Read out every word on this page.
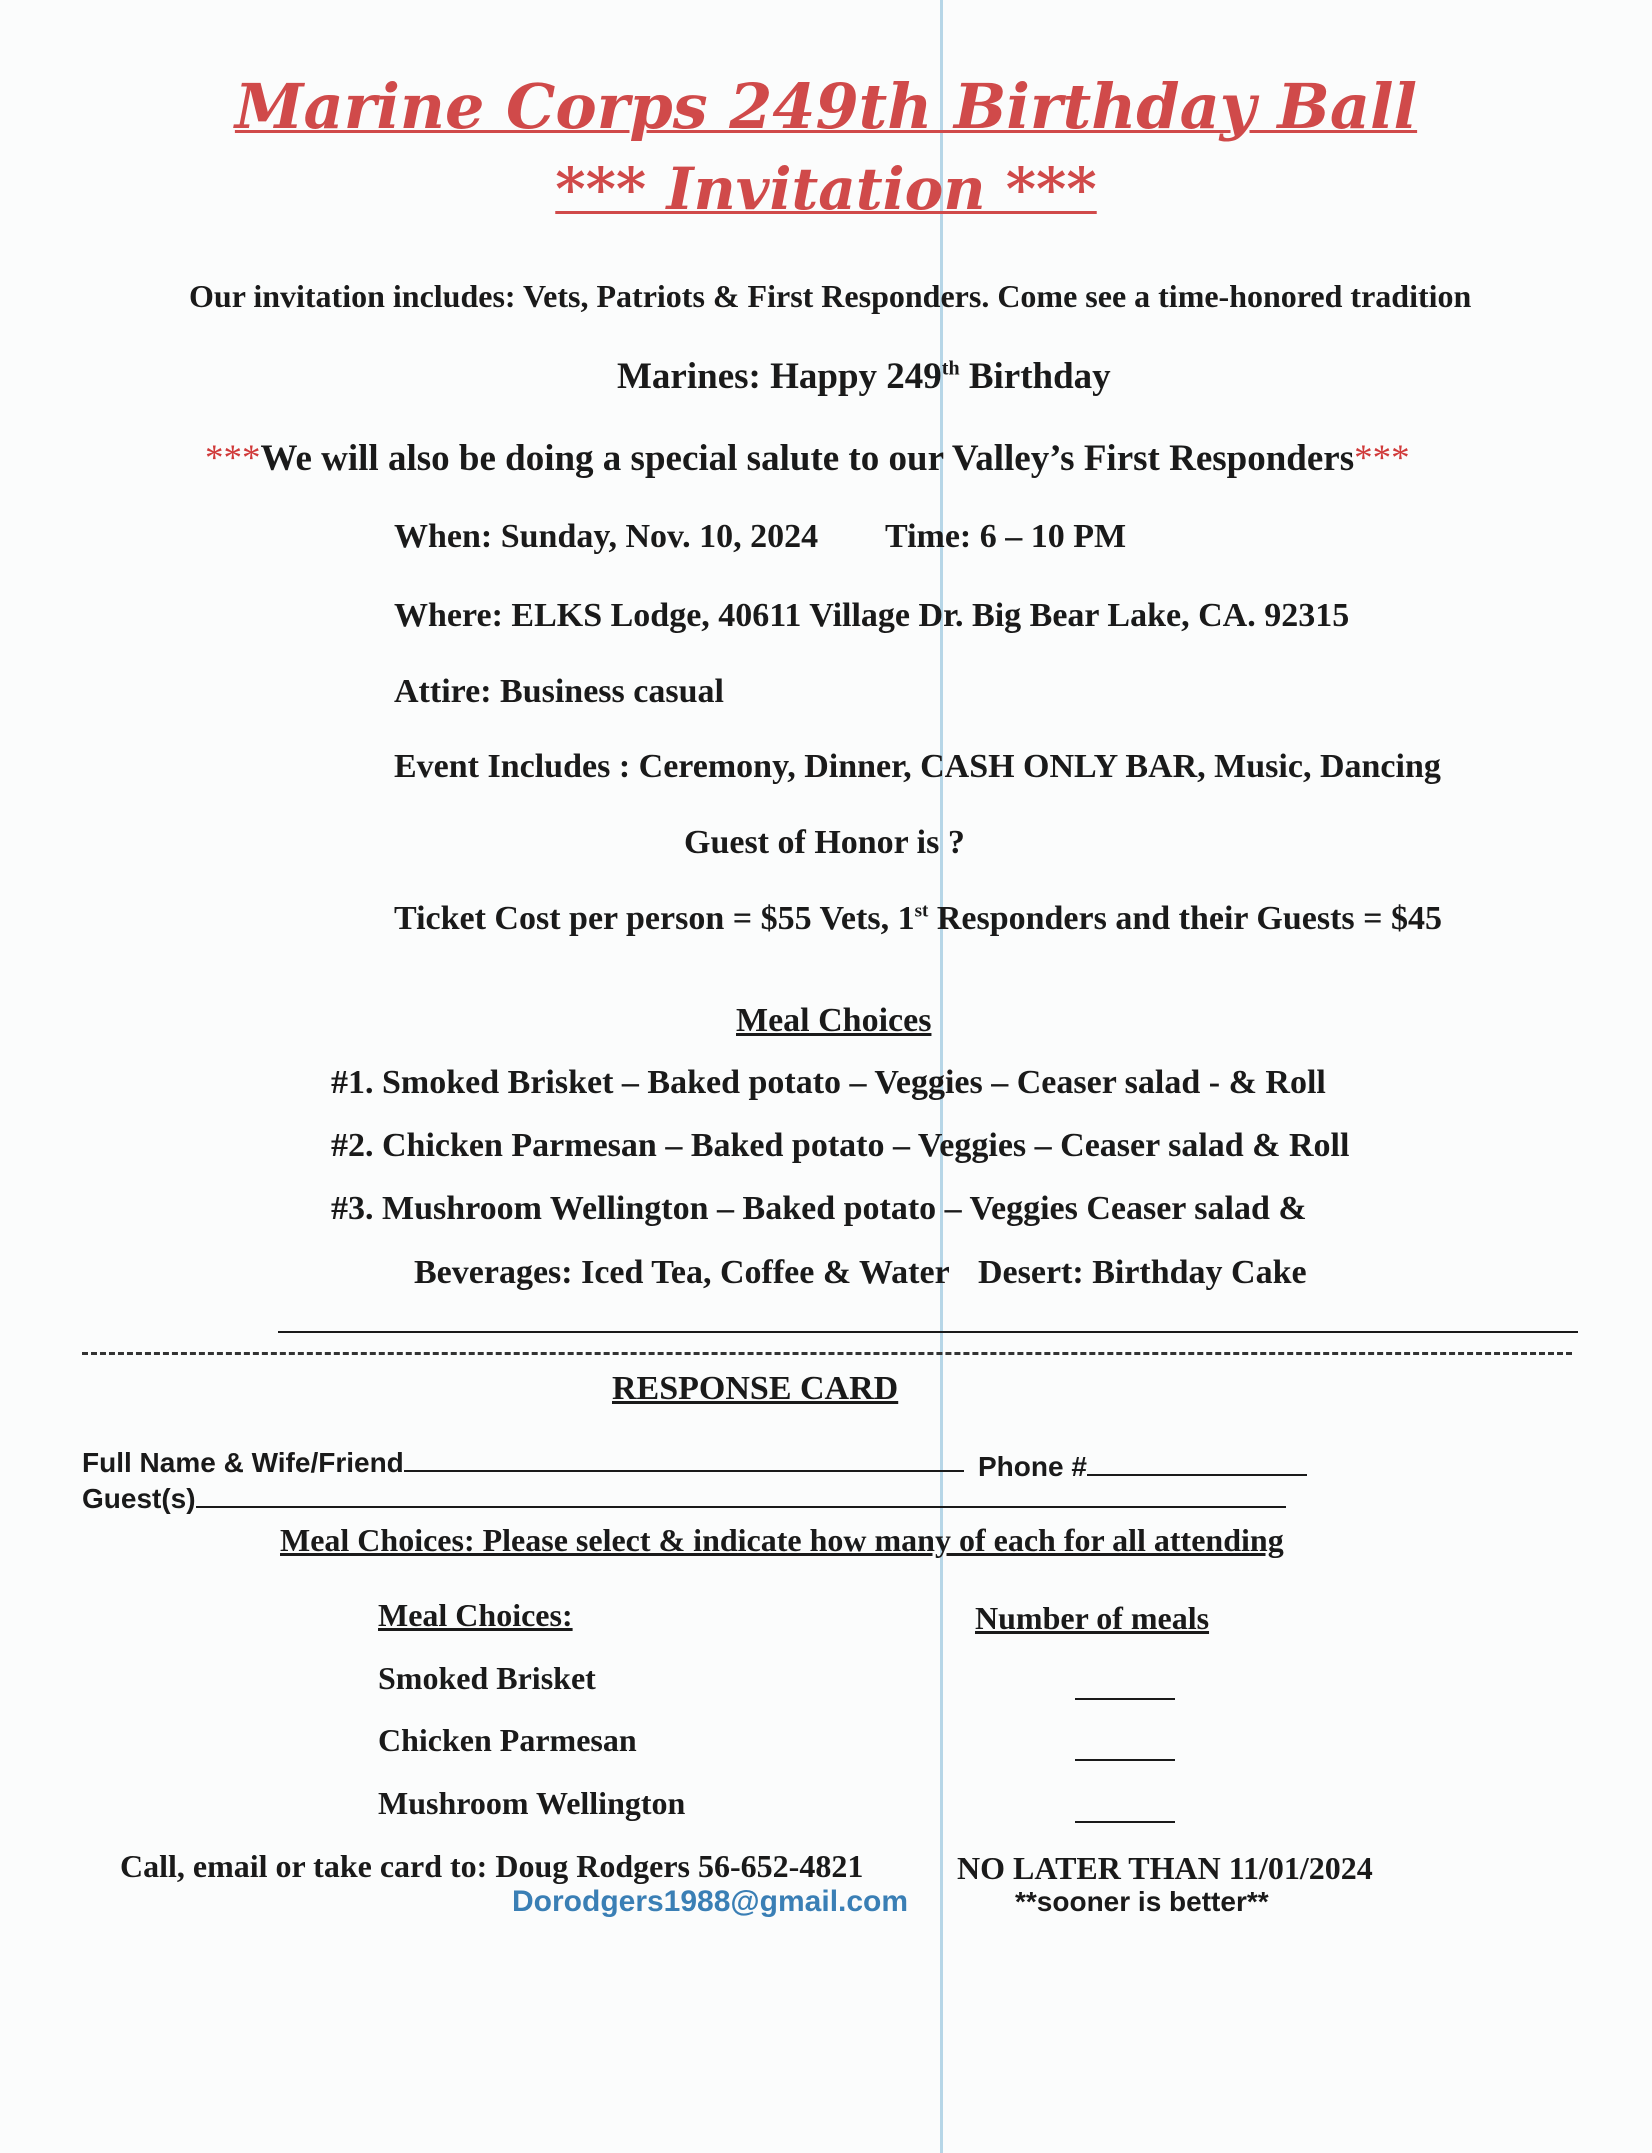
Marine Corps 249th Birthday Ball
*** Invitation ***
Our invitation includes: Vets, Patriots & First Responders. Come see a time-honored tradition
Marines: Happy 249th Birthday
***We will also be doing a special salute to our Valley’s First Responders***
When: Sunday, Nov. 10, 2024 Time: 6 – 10 PM
Where: ELKS Lodge, 40611 Village Dr. Big Bear Lake, CA. 92315
Attire: Business casual
Event Includes : Ceremony, Dinner, CASH ONLY BAR, Music, Dancing
Guest of Honor is ?
Ticket Cost per person = $55 Vets, 1st Responders and their Guests = $45
Meal Choices
#1. Smoked Brisket – Baked potato – Veggies – Ceaser salad - & Roll
#2. Chicken Parmesan – Baked potato – Veggies – Ceaser salad & Roll
#3. Mushroom Wellington – Baked potato – Veggies Ceaser salad &
Beverages: Iced Tea, Coffee & Water Desert: Birthday Cake
RESPONSE CARD
Full Name & Wife/Friend	Phone #
Guest(s)
Meal Choices: Please select & indicate how many of each for all attending
Meal Choices:	Number of meals
Smoked Brisket
Chicken Parmesan
Mushroom Wellington
Call, email or take card to: Doug Rodgers 56-652-4821	NO LATER THAN 11/01/2024
Dorodgers1988@gmail.com	**sooner is better**
